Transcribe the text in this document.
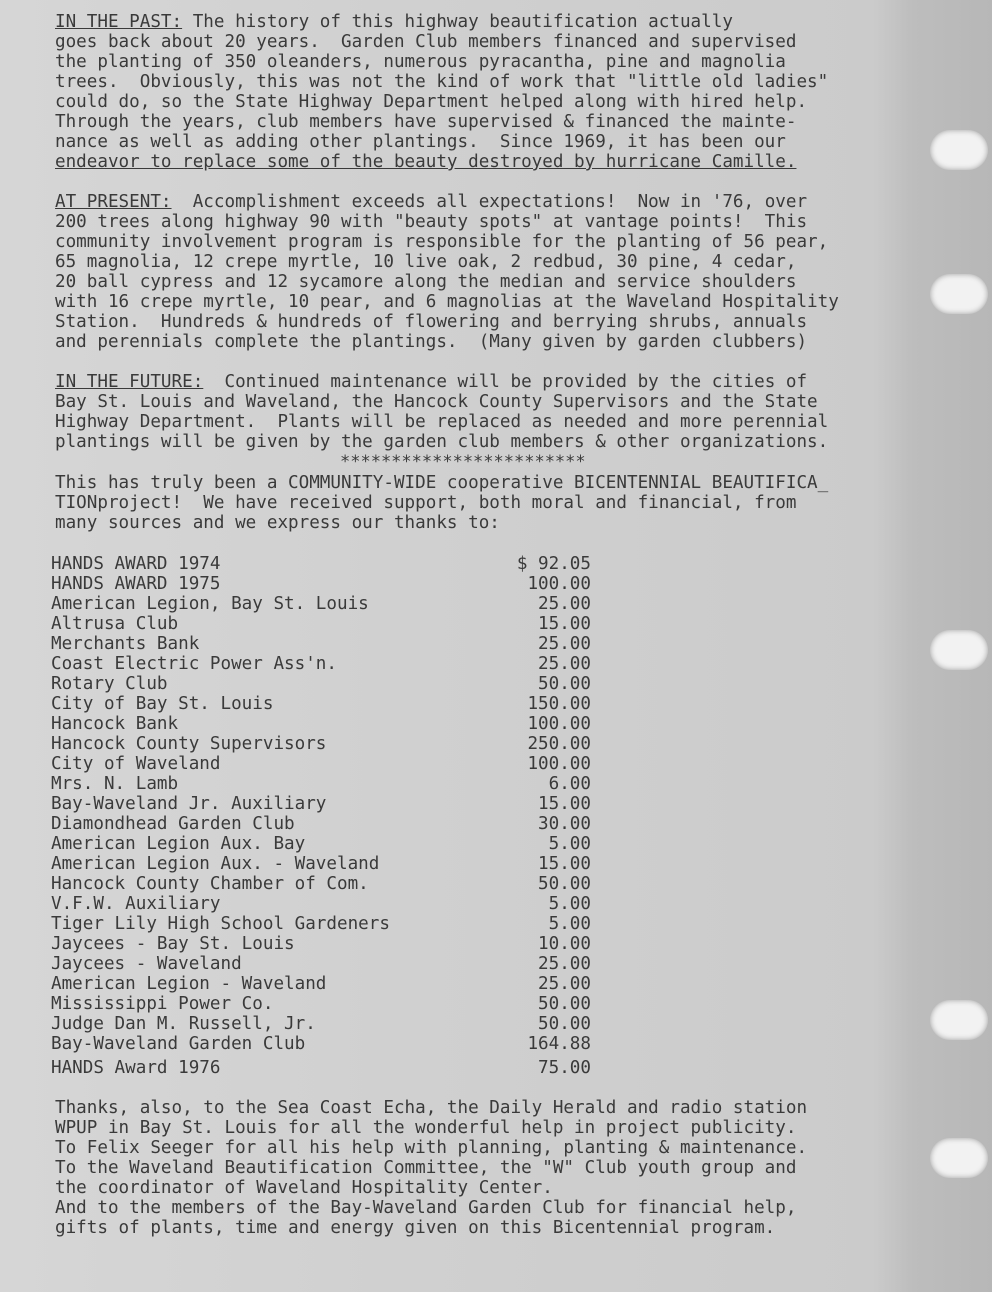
IN THE PAST: The history of this highway beautification actually
goes back about 20 years.  Garden Club members financed and supervised
the planting of 350 oleanders, numerous pyracantha, pine and magnolia
trees.  Obviously, this was not the kind of work that "little old ladies"
could do, so the State Highway Department helped along with hired help.
Through the years, club members have supervised & financed the mainte-
nance as well as adding other plantings.  Since 1969, it has been our
endeavor to replace some of the beauty destroyed by hurricane Camille.
AT PRESENT:  Accomplishment exceeds all expectations!  Now in '76, over
200 trees along highway 90 with "beauty spots" at vantage points!  This
community involvement program is responsible for the planting of 56 pear,
65 magnolia, 12 crepe myrtle, 10 live oak, 2 redbud, 30 pine, 4 cedar,
20 ball cypress and 12 sycamore along the median and service shoulders
with 16 crepe myrtle, 10 pear, and 6 magnolias at the Waveland Hospitality
Station.  Hundreds & hundreds of flowering and berrying shrubs, annuals
and perennials complete the plantings.  (Many given by garden clubbers)
IN THE FUTURE:  Continued maintenance will be provided by the cities of
Bay St. Louis and Waveland, the Hancock County Supervisors and the State
Highway Department.  Plants will be replaced as needed and more perennial
plantings will be given by the garden club members & other organizations.
************************
This has truly been a COMMUNITY-WIDE cooperative BICENTENNIAL BEAUTIFICA_
TIONproject!  We have received support, both moral and financial, from
many sources and we express our thanks to:
HANDS AWARD 1974	$ 92.05
HANDS AWARD 1975	100.00
American Legion, Bay St. Louis	25.00
Altrusa Club	15.00
Merchants Bank	25.00
Coast Electric Power Ass'n.	25.00
Rotary Club	50.00
City of Bay St. Louis	150.00
Hancock Bank	100.00
Hancock County Supervisors	250.00
City of Waveland	100.00
Mrs. N. Lamb	6.00
Bay-Waveland Jr. Auxiliary	15.00
Diamondhead Garden Club	30.00
American Legion Aux. Bay	5.00
American Legion Aux. - Waveland	15.00
Hancock County Chamber of Com.	50.00
V.F.W. Auxiliary	5.00
Tiger Lily High School Gardeners	5.00
Jaycees - Bay St. Louis	10.00
Jaycees - Waveland	25.00
American Legion - Waveland	25.00
Mississippi Power Co.	50.00
Judge Dan M. Russell, Jr.	50.00
Bay-Waveland Garden Club	164.88
HANDS Award 1976	75.00
Thanks, also, to the Sea Coast Echa, the Daily Herald and radio station
WPUP in Bay St. Louis for all the wonderful help in project publicity.
To Felix Seeger for all his help with planning, planting & maintenance.
To the Waveland Beautification Committee, the "W" Club youth group and
the coordinator of Waveland Hospitality Center.
And to the members of the Bay-Waveland Garden Club for financial help,
gifts of plants, time and energy given on this Bicentennial program.
